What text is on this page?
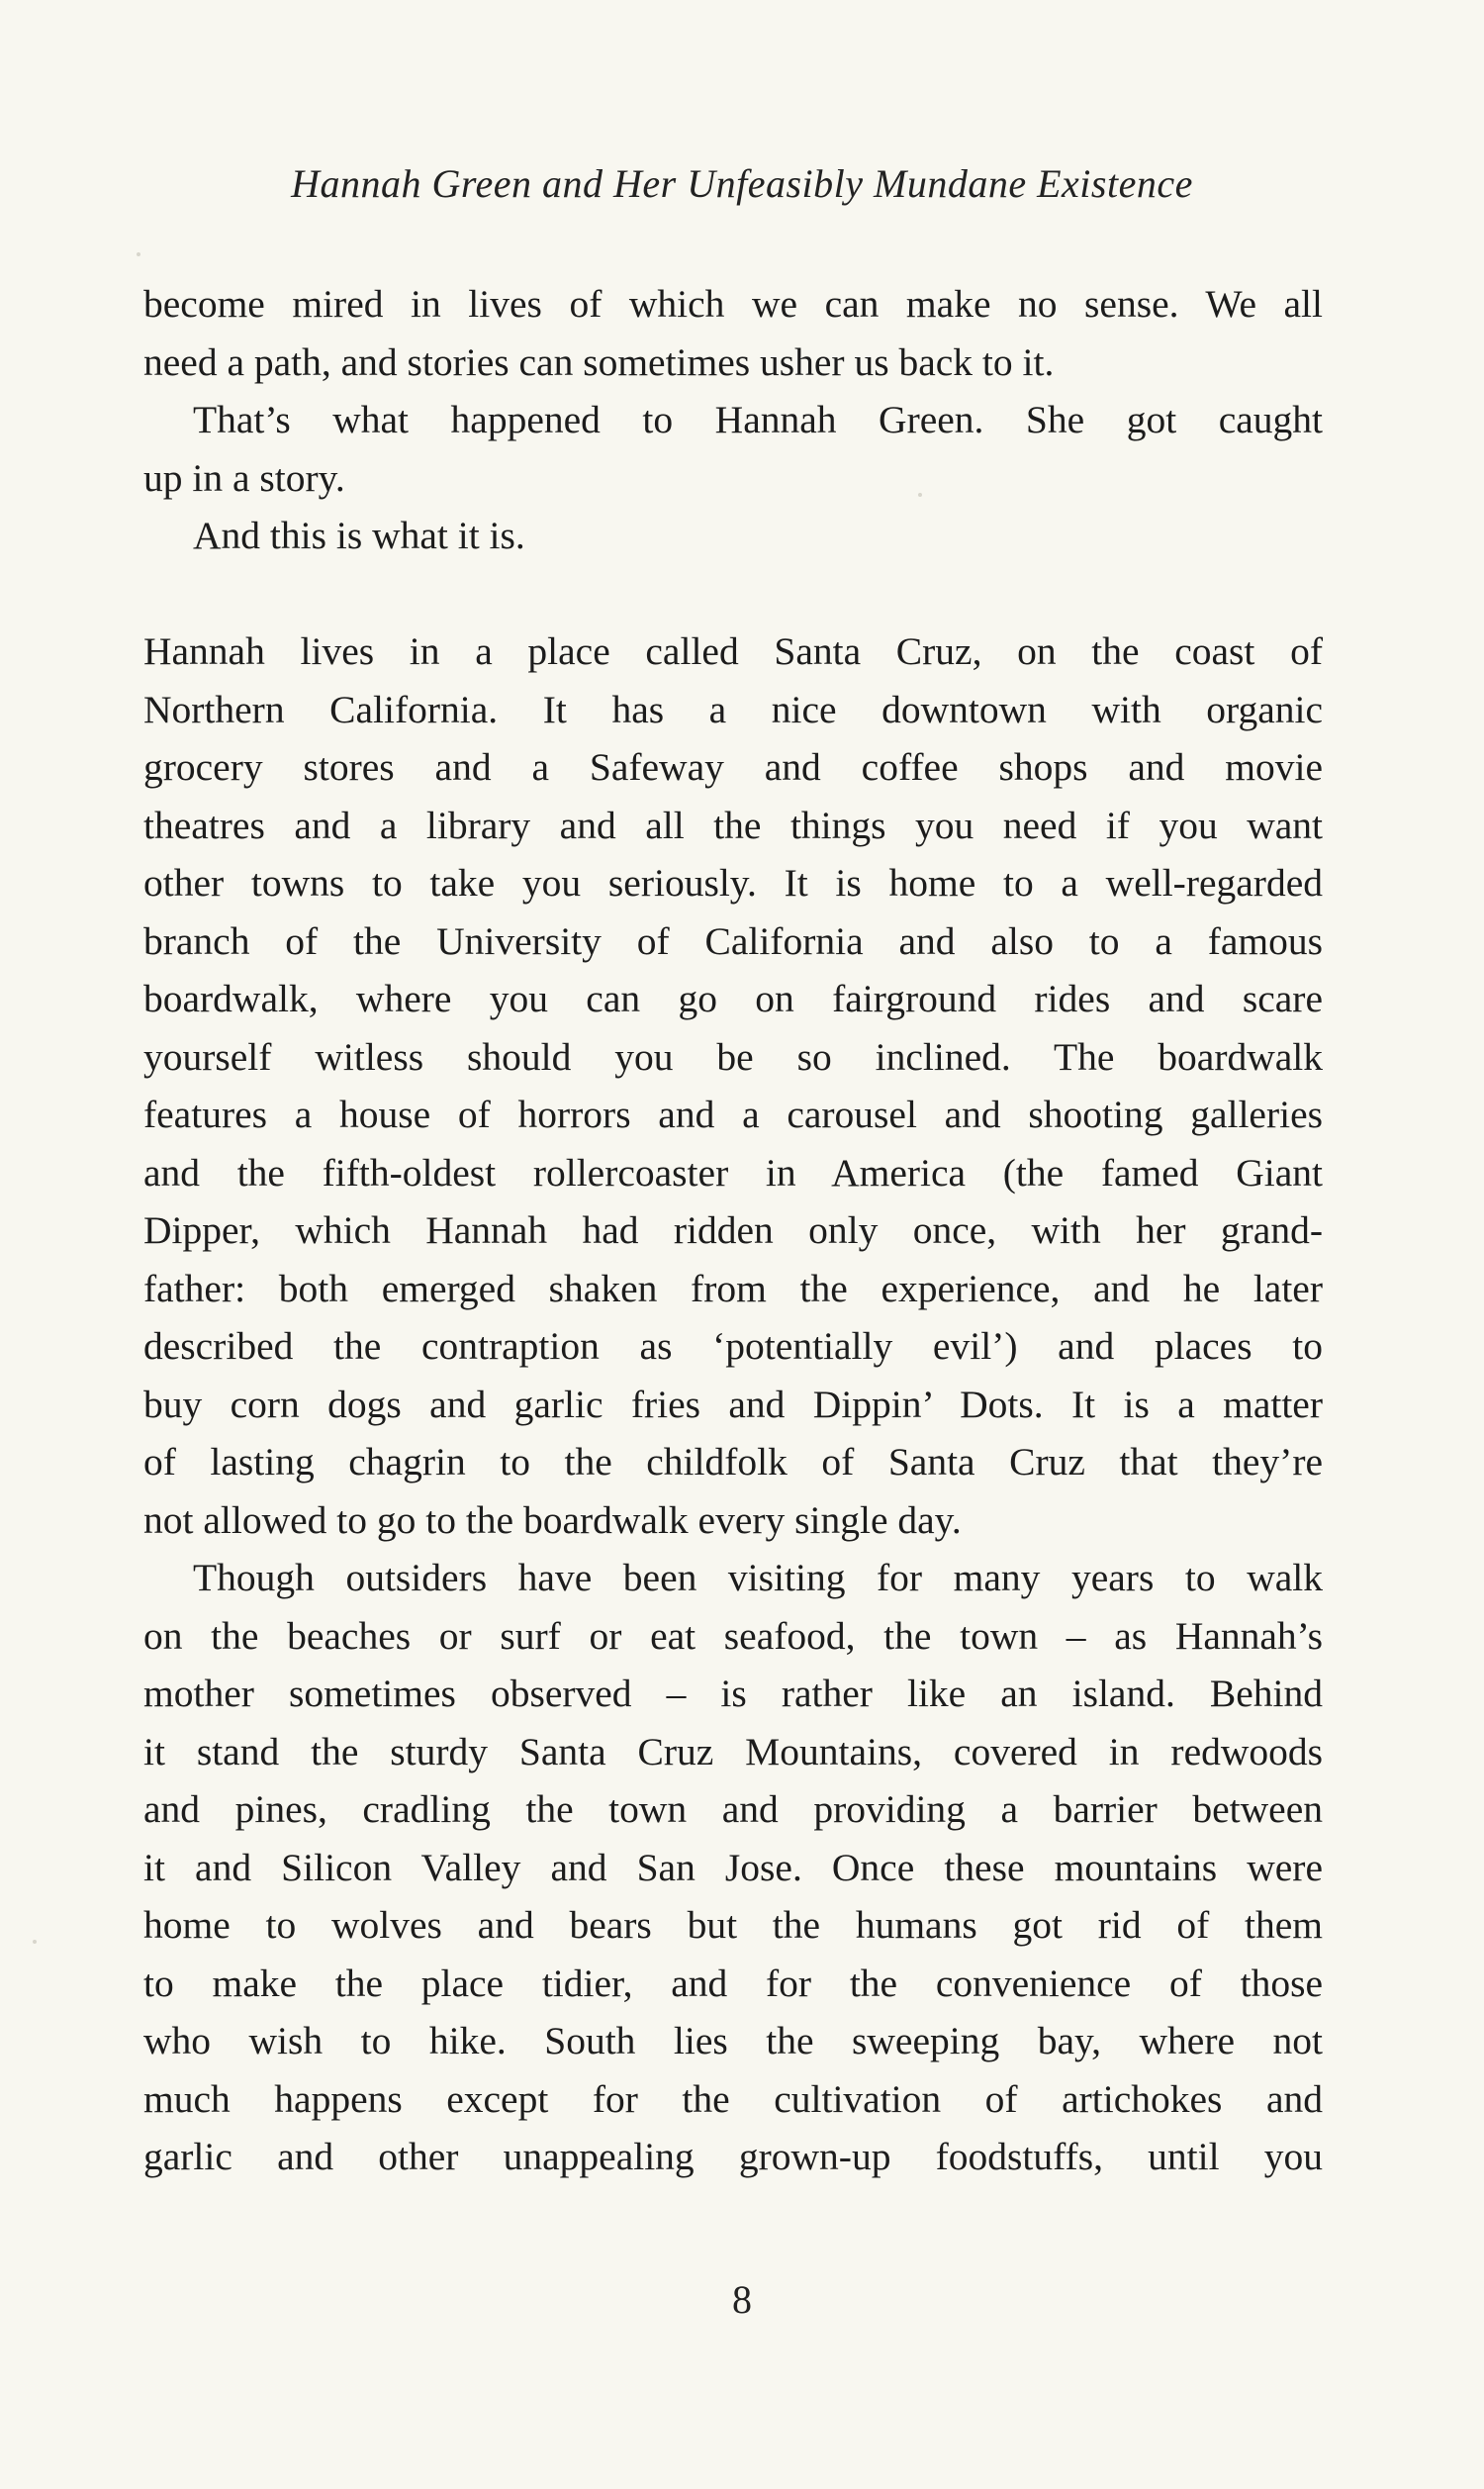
Hannah Green and Her Unfeasibly Mundane Existence
become mired in lives of which we can make no sense. We all
need a path, and stories can sometimes usher us back to it.
That’s what happened to Hannah Green. She got caught
up in a story.
And this is what it is.
Hannah lives in a place called Santa Cruz, on the coast of
Northern California. It has a nice downtown with organic
grocery stores and a Safeway and coffee shops and movie
theatres and a library and all the things you need if you want
other towns to take you seriously. It is home to a well-regarded
branch of the University of California and also to a famous
boardwalk, where you can go on fairground rides and scare
yourself witless should you be so inclined. The boardwalk
features a house of horrors and a carousel and shooting galleries
and the fifth-oldest rollercoaster in America (the famed Giant
Dipper, which Hannah had ridden only once, with her grand-
father: both emerged shaken from the experience, and he later
described the contraption as ‘potentially evil’) and places to
buy corn dogs and garlic fries and Dippin’ Dots. It is a matter
of lasting chagrin to the childfolk of Santa Cruz that they’re
not allowed to go to the boardwalk every single day.
Though outsiders have been visiting for many years to walk
on the beaches or surf or eat seafood, the town – as Hannah’s
mother sometimes observed – is rather like an island. Behind
it stand the sturdy Santa Cruz Mountains, covered in redwoods
and pines, cradling the town and providing a barrier between
it and Silicon Valley and San Jose. Once these mountains were
home to wolves and bears but the humans got rid of them
to make the place tidier, and for the convenience of those
who wish to hike. South lies the sweeping bay, where not
much happens except for the cultivation of artichokes and
garlic and other unappealing grown-up foodstuffs, until you
8
